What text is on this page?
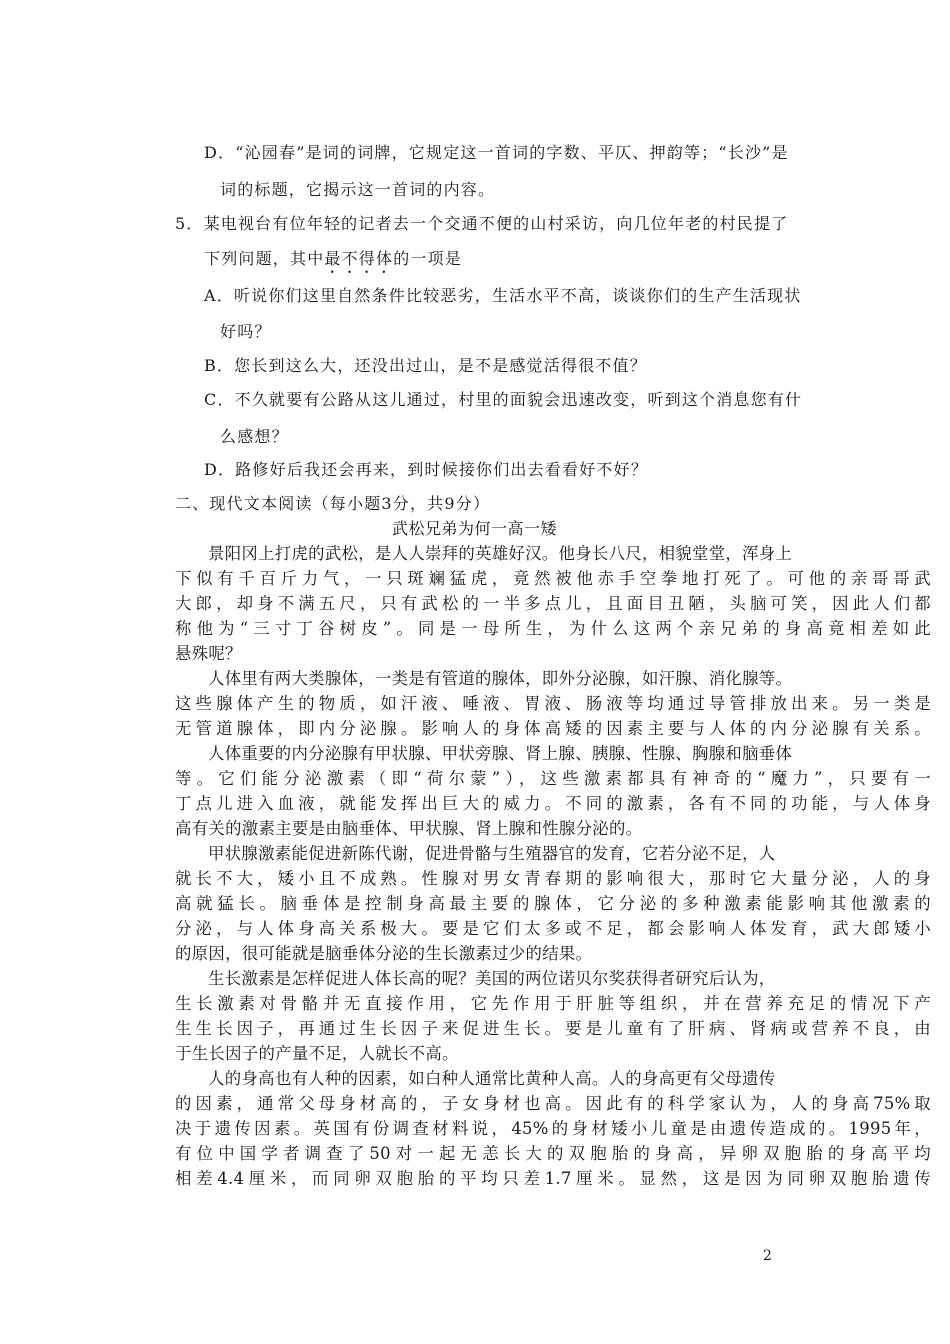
D．“沁园春”是词的词牌，它规定这一首词的字数、平仄、押韵等；“长沙”是
词的标题，它揭示这一首词的内容。
5．某电视台有位年轻的记者去一个交通不便的山村采访，向几位年老的村民提了
下列问题，其中最不得体的一项是
A．听说你们这里自然条件比较恶劣，生活水平不高，谈谈你们的生产生活现状
好吗？
B．您长到这么大，还没出过山，是不是感觉活得很不值？
C．不久就要有公路从这儿通过，村里的面貌会迅速改变，听到这个消息您有什
么感想？
D．路修好后我还会再来，到时候接你们出去看看好不好？
二、现代文本阅读（每小题3分，共9分）
武松兄弟为何一高一矮
景阳冈上打虎的武松，是人人崇拜的英雄好汉。他身长八尺，相貌堂堂，浑身上
下似有千百斤力气，一只斑斓猛虎，竟然被他赤手空拳地打死了。可他的亲哥哥武
大郎，却身不满五尺，只有武松的一半多点儿，且面目丑陋，头脑可笑，因此人们都
称他为“三寸丁谷树皮”。同是一母所生，为什么这两个亲兄弟的身高竟相差如此
悬殊呢？
人体里有两大类腺体，一类是有管道的腺体，即外分泌腺，如汗腺、消化腺等。
这些腺体产生的物质，如汗液、唾液、胃液、肠液等均通过导管排放出来。另一类是
无管道腺体，即内分泌腺。影响人的身体高矮的因素主要与人体的内分泌腺有关系。
人体重要的内分泌腺有甲状腺、甲状旁腺、肾上腺、胰腺、性腺、胸腺和脑垂体
等。它们能分泌激素（即“荷尔蒙”），这些激素都具有神奇的“魔力”，只要有一
丁点儿进入血液，就能发挥出巨大的威力。不同的激素，各有不同的功能，与人体身
高有关的激素主要是由脑垂体、甲状腺、肾上腺和性腺分泌的。
甲状腺激素能促进新陈代谢，促进骨骼与生殖器官的发育，它若分泌不足，人
就长不大，矮小且不成熟。性腺对男女青春期的影响很大，那时它大量分泌，人的身
高就猛长。脑垂体是控制身高最主要的腺体，它分泌的多种激素能影响其他激素的
分泌，与人体身高关系极大。要是它们太多或不足，都会影响人体发育，武大郎矮小
的原因，很可能就是脑垂体分泌的生长激素过少的结果。
生长激素是怎样促进人体长高的呢？美国的两位诺贝尔奖获得者研究后认为，
生长激素对骨骼并无直接作用，它先作用于肝脏等组织，并在营养充足的情况下产
生生长因子，再通过生长因子来促进生长。要是儿童有了肝病、肾病或营养不良，由
于生长因子的产量不足，人就长不高。
人的身高也有人种的因素，如白种人通常比黄种人高。人的身高更有父母遗传
的因素，通常父母身材高的，子女身材也高。因此有的科学家认为，人的身高75%取
决于遗传因素。英国有份调查材料说，45%的身材矮小儿童是由遗传造成的。1995年，
有位中国学者调查了50对一起无恙长大的双胞胎的身高，异卵双胞胎的身高平均
相差4.4厘米，而同卵双胞胎的平均只差1.7厘米。显然，这是因为同卵双胞胎遗传
2
